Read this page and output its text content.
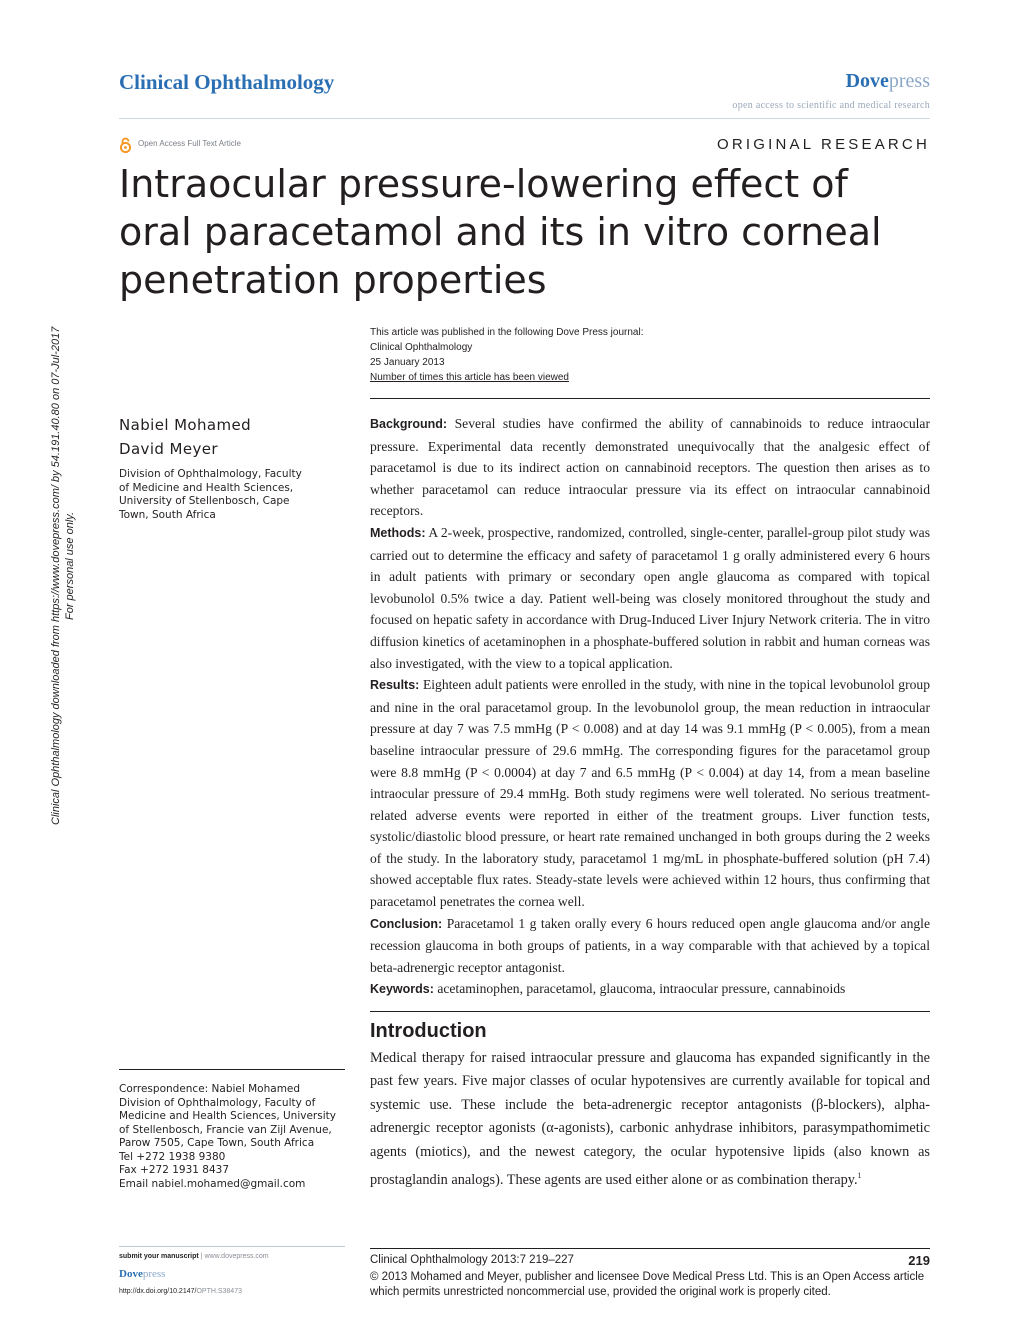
Clinical Ophthalmology	Dovepress
open access to scientific and medical research
Open Access Full Text Article	ORIGINAL RESEARCH
Intraocular pressure-lowering effect of oral paracetamol and its in vitro corneal penetration properties
This article was published in the following Dove Press journal:
Clinical Ophthalmology
25 January 2013
Number of times this article has been viewed
Clinical Ophthalmology downloaded from https://www.dovepress.com/ by 54.191.40.80 on 07-Jul-2017 For personal use only.
Nabiel Mohamed
David Meyer
Division of Ophthalmology, Faculty
of Medicine and Health Sciences,
University of Stellenbosch, Cape
Town, South Africa

Background: Several studies have confirmed the ability of cannabinoids to reduce intraocular pressure. Experimental data recently demonstrated unequivocally that the analgesic effect of paracetamol is due to its indirect action on cannabinoid receptors. The question then arises as to whether paracetamol can reduce intraocular pressure via its effect on intraocular cannabinoid receptors.

Methods: A 2-week, prospective, randomized, controlled, single-center, parallel-group pilot study was carried out to determine the efficacy and safety of paracetamol 1 g orally administered every 6 hours in adult patients with primary or secondary open angle glaucoma as compared with topical levobunolol 0.5% twice a day. Patient well-being was closely monitored throughout the study and focused on hepatic safety in accordance with Drug-Induced Liver Injury Network criteria. The in vitro diffusion kinetics of acetaminophen in a phosphate-buffered solution in rabbit and human corneas was also investigated, with the view to a topical application.

Results: Eighteen adult patients were enrolled in the study, with nine in the topical levobunolol group and nine in the oral paracetamol group. In the levobunolol group, the mean reduction in intraocular pressure at day 7 was 7.5 mmHg (P < 0.008) and at day 14 was 9.1 mmHg (P < 0.005), from a mean baseline intraocular pressure of 29.6 mmHg. The corresponding figures for the paracetamol group were 8.8 mmHg (P < 0.0004) at day 7 and 6.5 mmHg (P < 0.004) at day 14, from a mean baseline intraocular pressure of 29.4 mmHg. Both study regimens were well tolerated. No serious treatment-related adverse events were reported in either of the treatment groups. Liver function tests, systolic/diastolic blood pressure, or heart rate remained unchanged in both groups during the 2 weeks of the study. In the laboratory study, paracetamol 1 mg/mL in phosphate-buffered solution (pH 7.4) showed acceptable flux rates. Steady-state levels were achieved within 12 hours, thus confirming that paracetamol penetrates the cornea well.

Conclusion: Paracetamol 1 g taken orally every 6 hours reduced open angle glaucoma and/or angle recession glaucoma in both groups of patients, in a way comparable with that achieved by a topical beta-adrenergic receptor antagonist.

Keywords: acetaminophen, paracetamol, glaucoma, intraocular pressure, cannabinoids

Introduction
Medical therapy for raised intraocular pressure and glaucoma has expanded significantly in the past few years. Five major classes of ocular hypotensives are currently available for topical and systemic use. These include the beta-adrenergic receptor antagonists (β-blockers), alpha-adrenergic receptor agonists (α-agonists), carbonic anhydrase inhibitors, parasympathomimetic agents (miotics), and the newest category, the ocular hypotensive lipids (also known as prostaglandin analogs). These agents are used either alone or as combination therapy.$^1$
Correspondence: Nabiel Mohamed
Division of Ophthalmology, Faculty of
Medicine and Health Sciences, University
of Stellenbosch, Francie van Zijl Avenue,
Parow 7505, Cape Town, South Africa
Tel +272 1938 9380
Fax +272 1931 8437
Email nabiel.mohamed@gmail.com
submit your manuscript | www.dovepress.com
Dovepress
http://dx.doi.org/10.2147/OPTH.S38473
Clinical Ophthalmology 2013:7 219–227	219
© 2013 Mohamed and Meyer, publisher and licensee Dove Medical Press Ltd. This is an Open Access article which permits unrestricted noncommercial use, provided the original work is properly cited.
